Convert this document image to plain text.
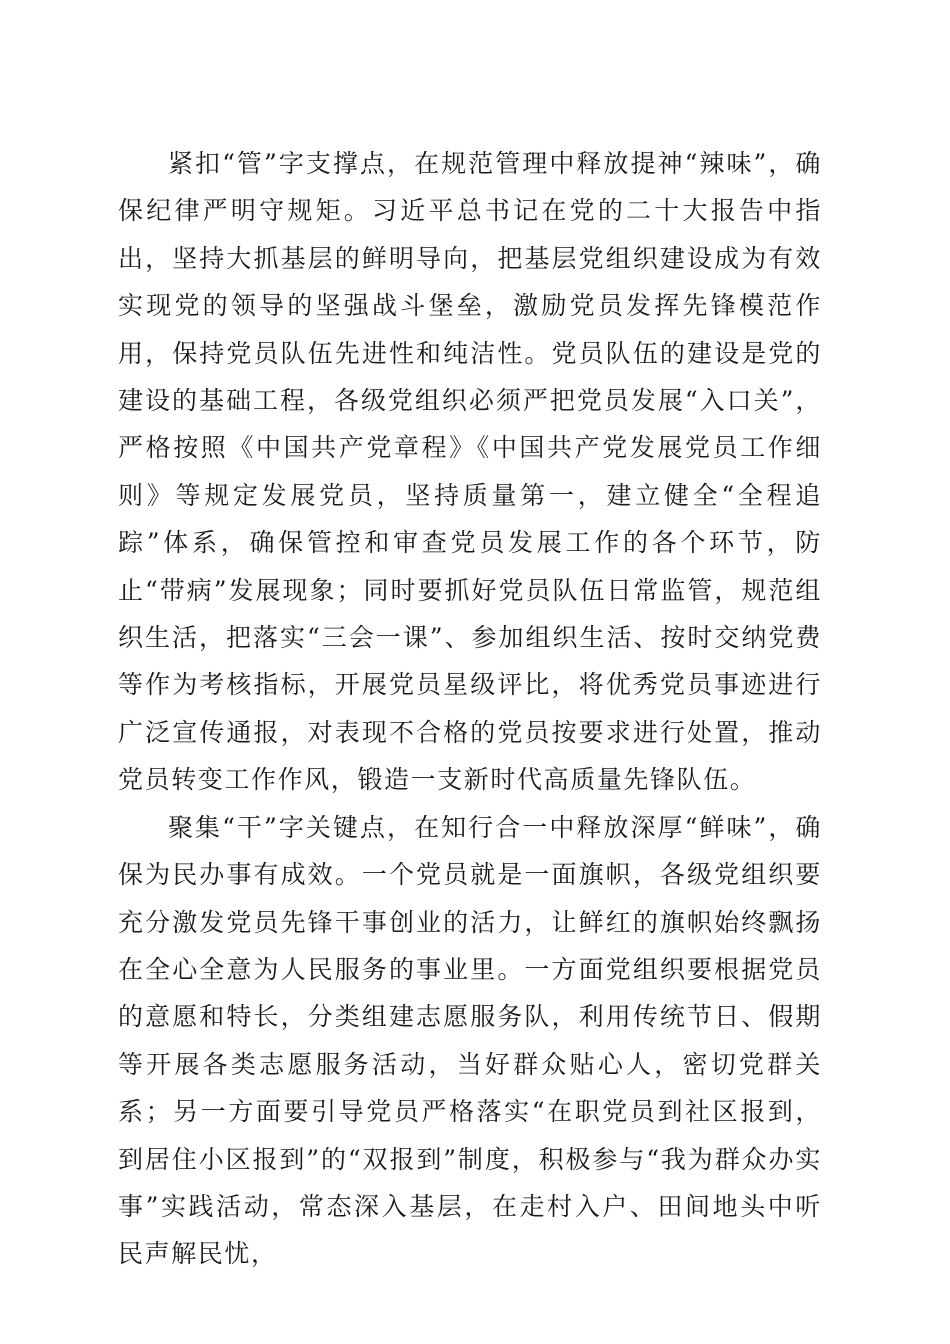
紧扣“管”字支撑点，在规范管理中释放提神“辣味”，确保纪律严明守规矩。习近平总书记在党的二十大报告中指出，坚持大抓基层的鲜明导向，把基层党组织建设成为有效实现党的领导的坚强战斗堡垒，激励党员发挥先锋模范作用，保持党员队伍先进性和纯洁性。党员队伍的建设是党的建设的基础工程，各级党组织必须严把党员发展“入口关”，严格按照《中国共产党章程》《中国共产党发展党员工作细则》等规定发展党员，坚持质量第一，建立健全“全程追踪”体系，确保管控和审查党员发展工作的各个环节，防止“带病”发展现象；同时要抓好党员队伍日常监管，规范组织生活，把落实“三会一课”、参加组织生活、按时交纳党费等作为考核指标，开展党员星级评比，将优秀党员事迹进行广泛宣传通报，对表现不合格的党员按要求进行处置，推动党员转变工作作风，锻造一支新时代高质量先锋队伍。

聚集“干”字关键点，在知行合一中释放深厚“鲜味”，确保为民办事有成效。一个党员就是一面旗帜，各级党组织要充分激发党员先锋干事创业的活力，让鲜红的旗帜始终飘扬在全心全意为人民服务的事业里。一方面党组织要根据党员的意愿和特长，分类组建志愿服务队，利用传统节日、假期等开展各类志愿服务活动，当好群众贴心人，密切党群关系；另一方面要引导党员严格落实“在职党员到社区报到，到居住小区报到”的“双报到”制度，积极参与“我为群众办实事”实践活动，常态深入基层，在走村入户、田间地头中听民声解民忧，
